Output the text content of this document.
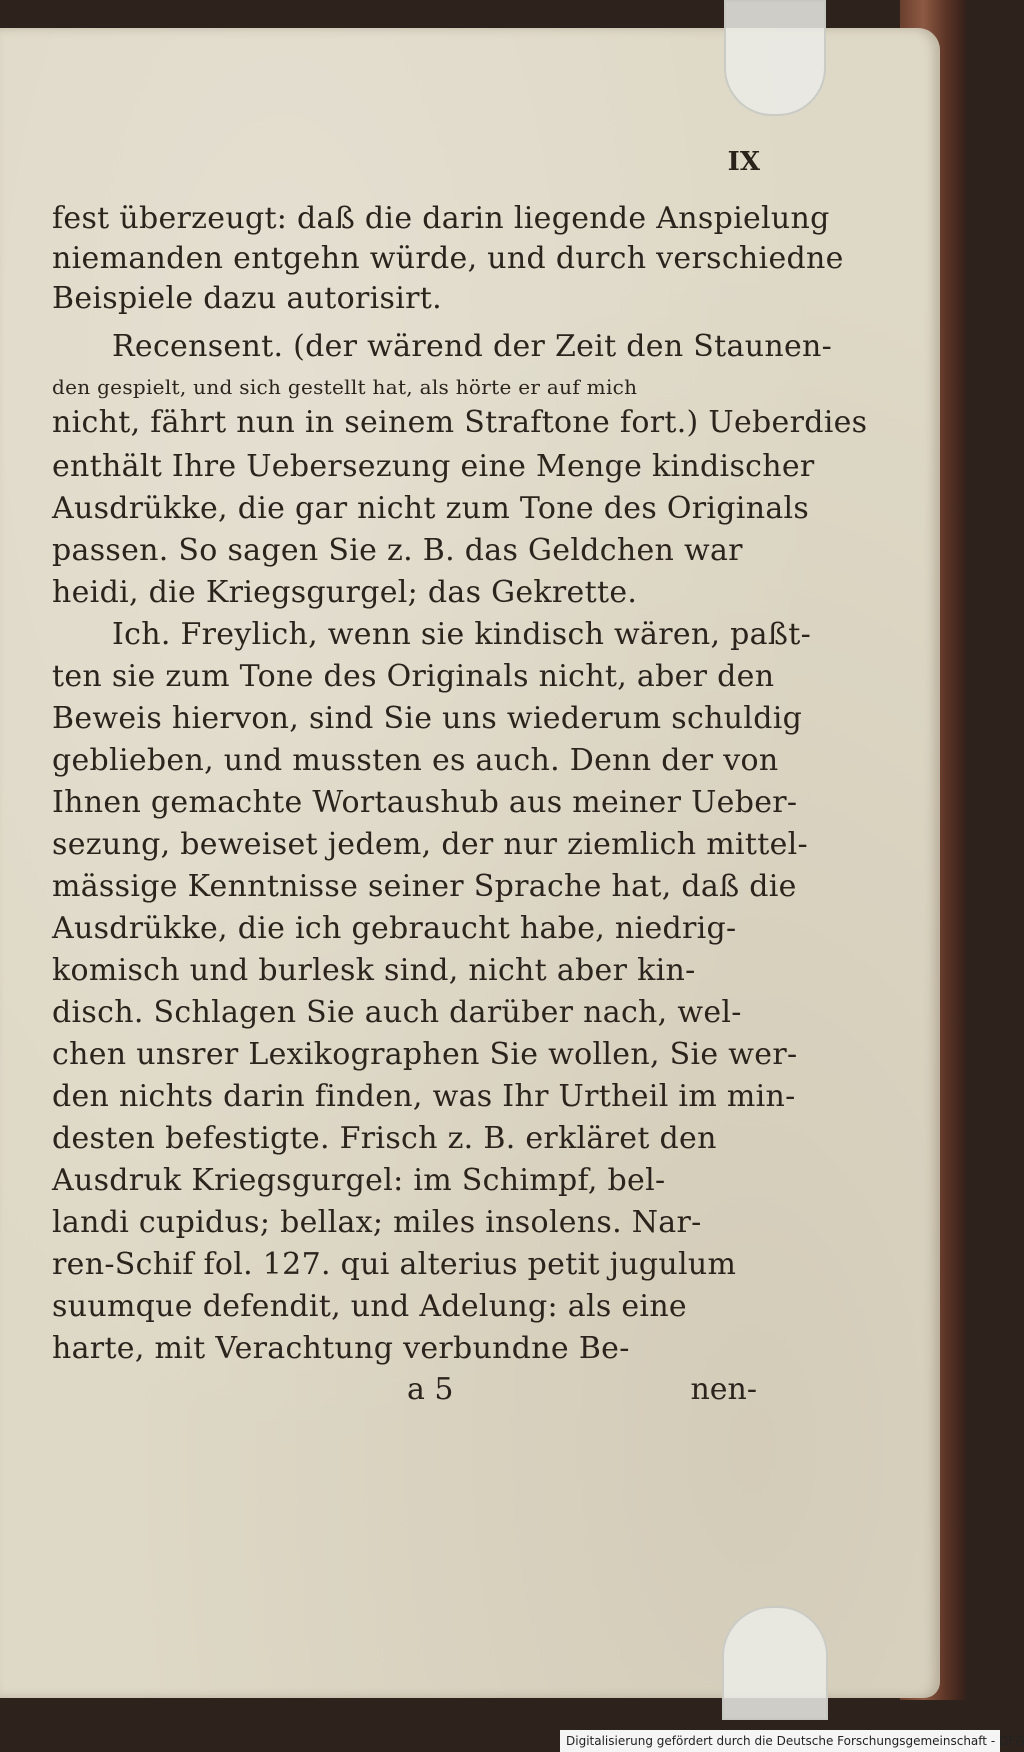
IX

fest überzeugt: daß die darin liegende Anspielung

niemanden entgehn würde, und durch verschiedne

Beispiele dazu autorisirt.

Recensent. (der wärend der Zeit den Staunen-

den gespielt, und sich gestellt hat, als hörte er auf mich

nicht, fährt nun in seinem Straftone fort.) Ueberdies

enthält Ihre Uebersezung eine Menge kindischer

Ausdrükke, die gar nicht zum Tone des Originals

passen. So sagen Sie z. B. das Geldchen war

heidi, die Kriegsgurgel; das Gekrette.

Ich. Freylich, wenn sie kindisch wären, paßt-

ten sie zum Tone des Originals nicht, aber den

Beweis hiervon, sind Sie uns wiederum schuldig

geblieben, und mussten es auch. Denn der von

Ihnen gemachte Wortaushub aus meiner Ueber-

sezung, beweiset jedem, der nur ziemlich mittel-

mässige Kenntnisse seiner Sprache hat, daß die

Ausdrükke, die ich gebraucht habe, niedrig-

komisch und burlesk sind, nicht aber kin-

disch. Schlagen Sie auch darüber nach, wel-

chen unsrer Lexikographen Sie wollen, Sie wer-

den nichts darin finden, was Ihr Urtheil im min-

desten befestigte. Frisch z. B. erkläret den

Ausdruk Kriegsgurgel: im Schimpf, bel-

landi cupidus; bellax; miles insolens. Nar-

ren-Schif fol. 127. qui alterius petit jugulum

suumque defendit, und Adelung: als eine

harte, mit Verachtung verbundne Be-

a 5	nen-
Digitalisierung gefördert durch die Deutsche Forschungsgemeinschaft - DFG
